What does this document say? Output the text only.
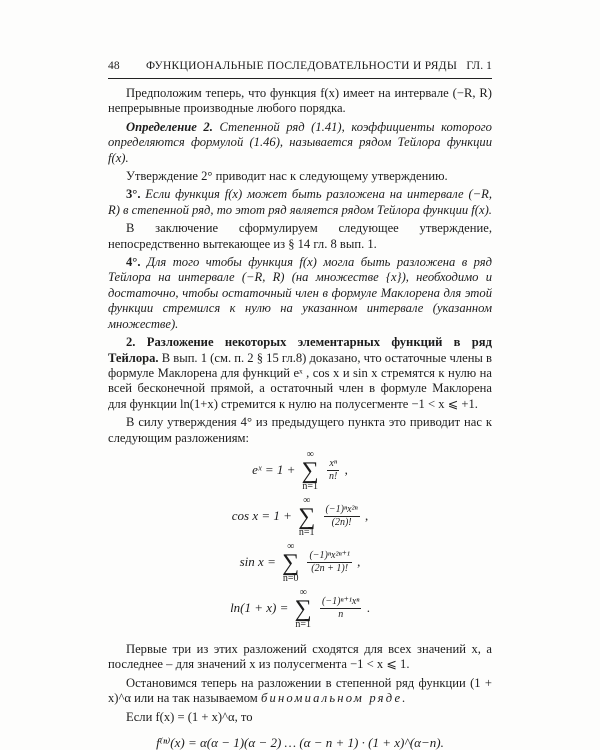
48 ФУНКЦИОНАЛЬНЫЕ ПОСЛЕДОВАТЕЛЬНОСТИ И РЯДЫ ГЛ. 1

Предположим теперь, что функция f(x) имеет на интервале (−R, R) непрерывные производные любого порядка.

Определение 2. Степенной ряд (1.41), коэффициенты которого определяются формулой (1.46), называется рядом Тейлора функции f(x).

Утверждение 2° приводит нас к следующему утверждению.

3°. Если функция f(x) может быть разложена на интервале (−R, R) в степенной ряд, то этот ряд является рядом Тейлора функции f(x).

В заключение сформулируем следующее утверждение, непосредственно вытекающее из § 14 гл. 8 вып. 1.

4°. Для того чтобы функция f(x) могла быть разложена в ряд Тейлора на интервале (−R, R) (на множестве {x}), необходимо и достаточно, чтобы остаточный член в формуле Маклорена для этой функции стремился к нулю на указанном интервале (указанном множестве).

2. Разложение некоторых элементарных функций в ряд Тейлора. В вып. 1 (см. п. 2 § 15 гл.8) доказано, что остаточные члены в формуле Маклорена для функций eˣ , cos x и sin x стремятся к нулю на всей бесконечной прямой, а остаточный член в формуле Маклорена для функции ln(1+x) стремится к нулю на полусегменте −1 < x ⩽ +1.

В силу утверждения 4° из предыдущего пункта это приводит нас к следующим разложениям:

eˣ = 1 + ∞
∑
n=1
$\frac{\text{xⁿ}}{n!}$ ,
cos x = 1 + ∞
∑
n=1
$\frac{\text{(−1)ⁿx²ⁿ}}{(2n)!}$ ,
sin x = ∞
∑
n=0
$\frac{\text{(−1)ⁿx²ⁿ⁺¹}}{(2n + 1)!}$ ,
ln(1 + x) = ∞
∑
n=1
$\frac{\text{(−1)ⁿ⁺¹xⁿ}}{n}$ .

Первые три из этих разложений сходятся для всех значений x, а последнее – для значений x из полусегмента −1 < x ⩽ 1.

Остановимся теперь на разложении в степенной ряд функции (1 + x)^α или на так называемом биномиальном ряде.

Если f(x) = (1 + x)^α, то

f⁽ⁿ⁾(x) = α(α − 1)(α − 2) … (α − n + 1) · (1 + x)^(α−n).
